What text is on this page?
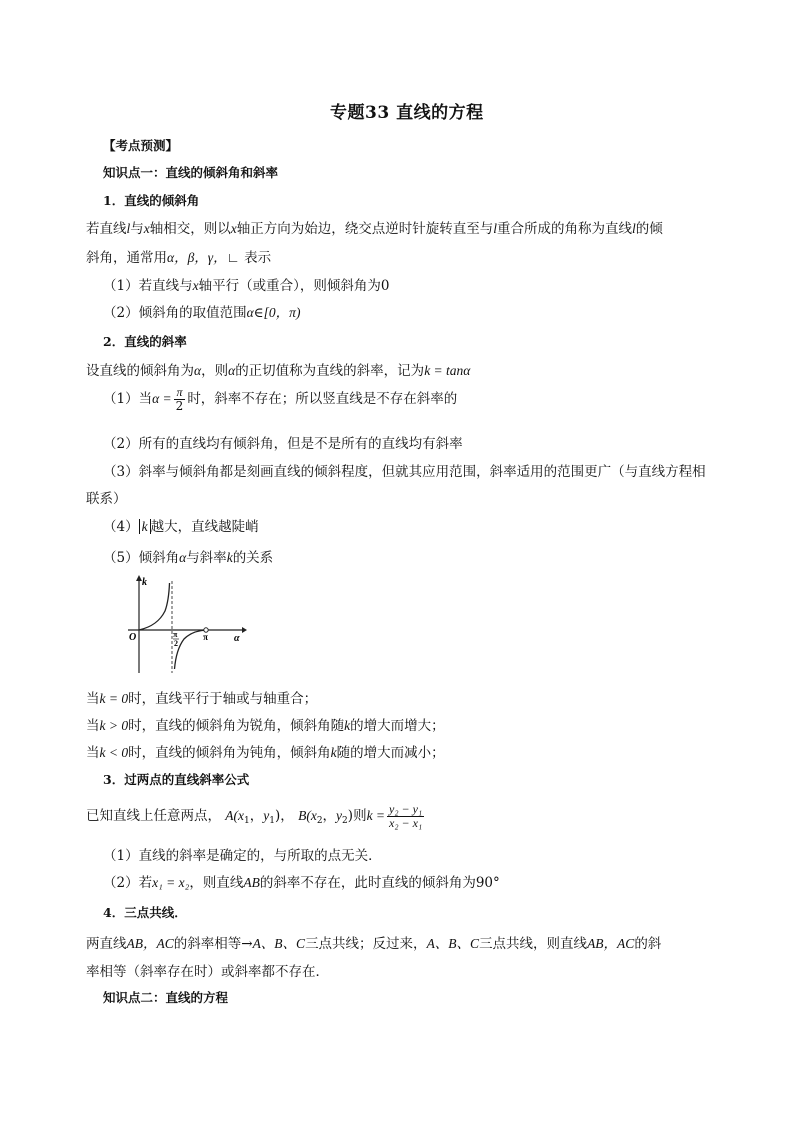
专题33 直线的方程
【考点预测】
知识点一：直线的倾斜角和斜率
1．直线的倾斜角
若直线l与x轴相交，则以x轴正方向为始边，绕交点逆时针旋转直至与l重合所成的角称为直线l的倾
斜角，通常用α，β，γ，∟ 表示
（1）若直线与x轴平行（或重合），则倾斜角为0
（2）倾斜角的取值范围α∈[0，π)
2．直线的斜率
设直线的倾斜角为α，则α的正切值称为直线的斜率，记为k = tanα
（1）当$\alpha = \frac{\pi}{2}$ 时，斜率不存在；所以竖直线是不存在斜率的
（2）所有的直线均有倾斜角，但是不是所有的直线均有斜率
（3）斜率与倾斜角都是刻画直线的倾斜程度，但就其应用范围，斜率适用的范围更广（与直线方程相
联系）
（4） k 越大，直线越陡峭
（5）倾斜角α与斜率k的关系
k
α
O	π
2
π
当k = 0时，直线平行于轴或与轴重合；
当k > 0时，直线的倾斜角为锐角，倾斜角随k的增大而增大；
当k < 0时，直线的倾斜角为钝角，倾斜角k随的增大而减小；
3．过两点的直线斜率公式
已知直线上任意两点， $A(x_1$，$y_1$)， $B(x_2$，$y_2$)则$k = \frac{\text{y₂ − y₁}}{\text{x₂ − x₁}}$
（1）直线的斜率是确定的，与所取的点无关．
（2）若x₁ = x₂，则直线AB的斜率不存在，此时直线的倾斜角为90°
4．三点共线．
两直线AB，AC的斜率相等→A、B、C三点共线；反过来，A、B、C三点共线，则直线AB，AC的斜
率相等（斜率存在时）或斜率都不存在．
知识点二：直线的方程
